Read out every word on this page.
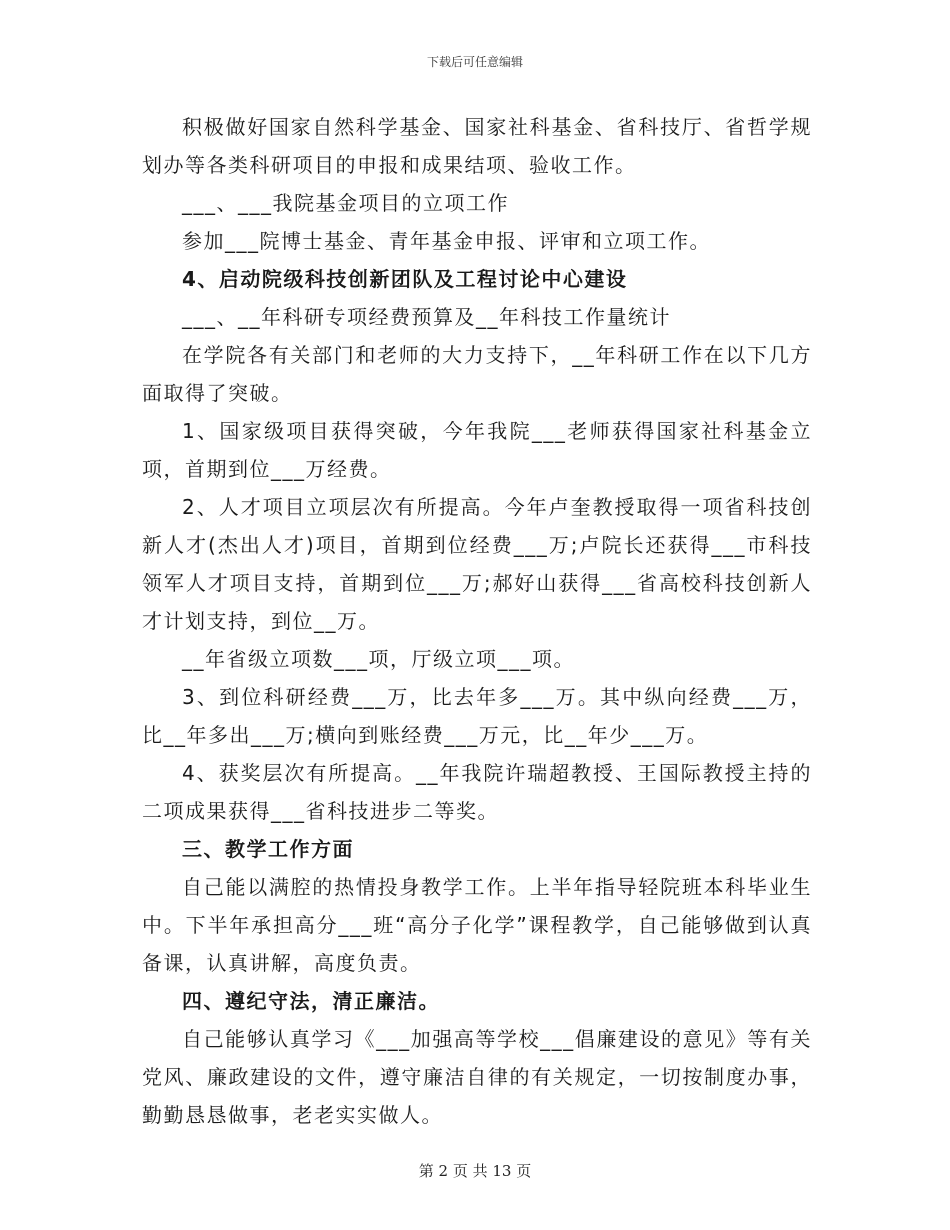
下载后可任意编辑

积极做好国家自然科学基金、国家社科基金、省科技厅、省哲学规划办等各类科研项目的申报和成果结项、验收工作。

___、___我院基金项目的立项工作

参加___院博士基金、青年基金申报、评审和立项工作。

4、启动院级科技创新团队及工程讨论中心建设

___、__年科研专项经费预算及__年科技工作量统计

在学院各有关部门和老师的大力支持下，__年科研工作在以下几方面取得了突破。

1、国家级项目获得突破，今年我院___老师获得国家社科基金立项，首期到位___万经费。

2、人才项目立项层次有所提高。今年卢奎教授取得一项省科技创新人才(杰出人才)项目，首期到位经费___万;卢院长还获得___市科技领军人才项目支持，首期到位___万;郝好山获得___省高校科技创新人才计划支持，到位__万。

__年省级立项数___项，厅级立项___项。

3、到位科研经费___万，比去年多___万。其中纵向经费___万，比__年多出___万;横向到账经费___万元，比__年少___万。

4、获奖层次有所提高。__年我院许瑞超教授、王国际教授主持的二项成果获得___省科技进步二等奖。

三、教学工作方面

自己能以满腔的热情投身教学工作。上半年指导轻院班本科毕业生中。下半年承担高分___班“高分子化学”课程教学，自己能够做到认真备课，认真讲解，高度负责。

四、遵纪守法，清正廉洁。

自己能够认真学习《___加强高等学校___倡廉建设的意见》等有关党风、廉政建设的文件，遵守廉洁自律的有关规定，一切按制度办事，勤勤恳恳做事，老老实实做人。

第 2 页 共 13 页
